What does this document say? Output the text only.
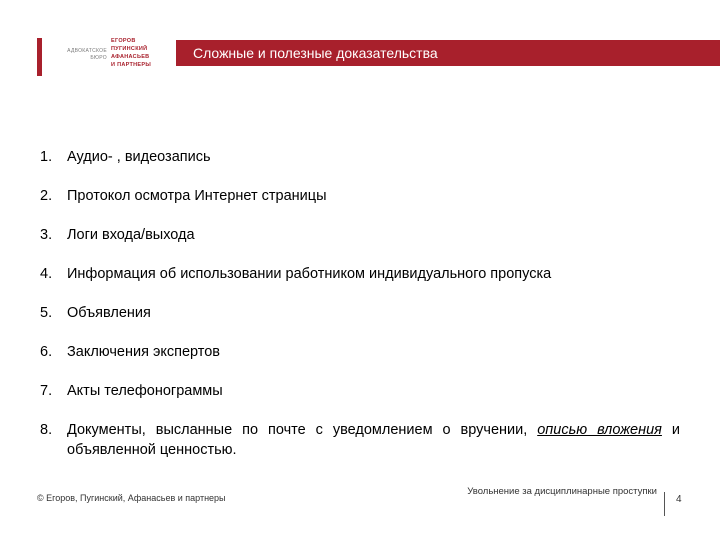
АДВОКАТСКОЕ
БЮРО
ЕГОРОВ
ПУГИНСКИЙ
АФАНАСЬЕВ
И ПАРТНЕРЫ
Сложные и полезные доказательства
1. Аудио- , видеозапись
2. Протокол осмотра Интернет страницы
3. Логи входа/выхода
4. Информация об использовании работником индивидуального пропуска
5. Объявления
6. Заключения экспертов
7. Акты телефонограммы
8. Документы, высланные по почте с уведомлением о вручении, описью вложения и объявленной ценностью.
© Егоров, Пугинский, Афанасьев и партнеры
Увольнение за дисциплинарные проступки
4
